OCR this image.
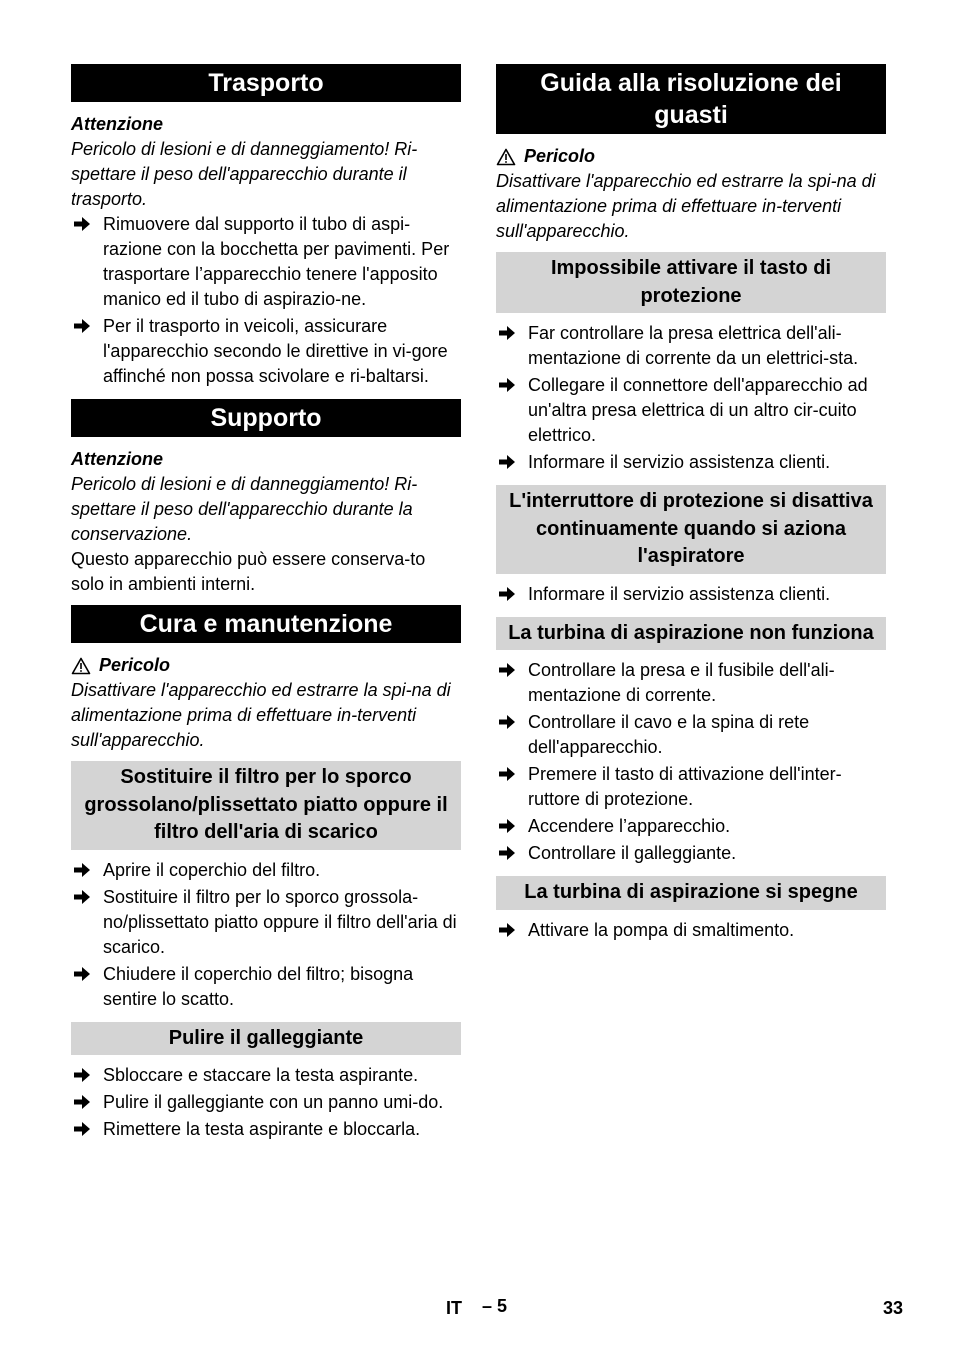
Trasporto
Attenzione

Pericolo di lesioni e di danneggiamento! Ri-spettare il peso dell'apparecchio durante il trasporto.

Rimuovere dal supporto il tubo di aspi-razione con la bocchetta per pavimenti. Per trasportare l’apparecchio tenere l'apposito manico ed il tubo di aspirazio-ne.
Per il trasporto in veicoli, assicurare l'apparecchio secondo le direttive in vi-gore affinché non possa scivolare e ri-baltarsi.
Supporto
Attenzione

Pericolo di lesioni e di danneggiamento! Ri-spettare il peso dell'apparecchio durante la conservazione.

Questo apparecchio può essere conserva-to solo in ambienti interni.

Cura e manutenzione
Pericolo

Disattivare l'apparecchio ed estrarre la spi-na di alimentazione prima di effettuare in-terventi sull'apparecchio.

Sostituire il filtro per lo sporco grossolano/plissettato piatto oppure il filtro dell'aria di scarico
Aprire il coperchio del filtro.
Sostituire il filtro per lo sporco grossola-no/plissettato piatto oppure il filtro dell'aria di scarico.
Chiudere il coperchio del filtro; bisogna sentire lo scatto.
Pulire il galleggiante
Sbloccare e staccare la testa aspirante.
Pulire il galleggiante con un panno umi-do.
Rimettere la testa aspirante e bloccarla.
Guida alla risoluzione dei guasti
Pericolo

Disattivare l'apparecchio ed estrarre la spi-na di alimentazione prima di effettuare in-terventi sull'apparecchio.

Impossibile attivare il tasto di protezione
Far controllare la presa elettrica dell'ali-mentazione di corrente da un elettrici-sta.
Collegare il connettore dell'apparecchio ad un'altra presa elettrica di un altro cir-cuito elettrico.
Informare il servizio assistenza clienti.
L'interruttore di protezione si disattiva continuamente quando si aziona l'aspiratore
Informare il servizio assistenza clienti.
La turbina di aspirazione non funziona
Controllare la presa e il fusibile dell'ali-mentazione di corrente.
Controllare il cavo e la spina di rete dell'apparecchio.
Premere il tasto di attivazione dell'inter-ruttore di protezione.
Accendere l’apparecchio.
Controllare il galleggiante.
La turbina di aspirazione si spegne
Attivare la pompa di smaltimento.
IT – 5	33
